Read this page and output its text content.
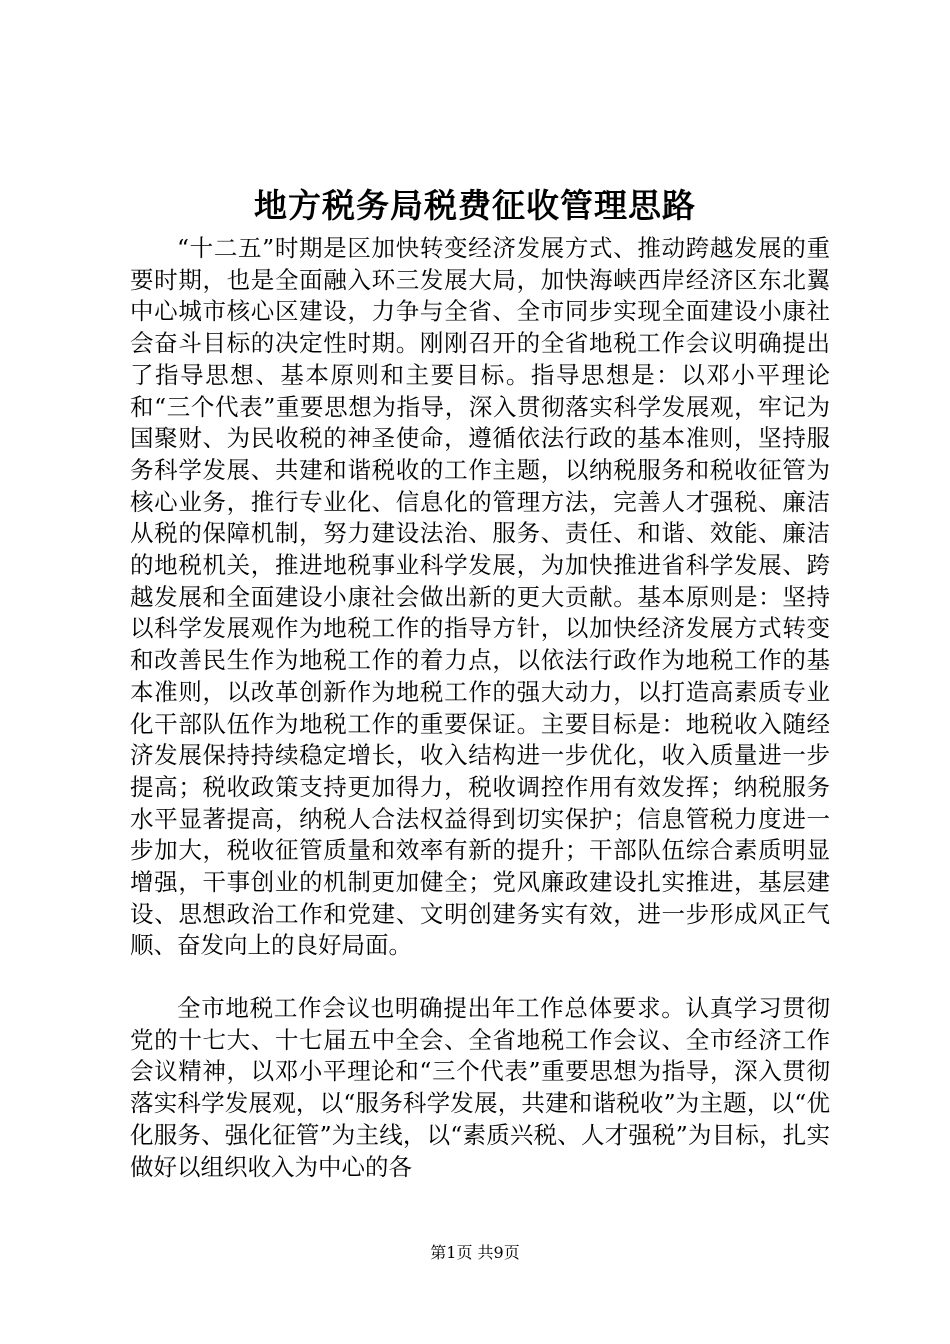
地方税务局税费征收管理思路

“十二五”时期是区加快转变经济发展方式、推动跨越发展的重要时期，也是全面融入环三发展大局，加快海峡西岸经济区东北翼中心城市核心区建设，力争与全省、全市同步实现全面建设小康社会奋斗目标的决定性时期。刚刚召开的全省地税工作会议明确提出了指导思想、基本原则和主要目标。指导思想是：以邓小平理论和“三个代表”重要思想为指导，深入贯彻落实科学发展观，牢记为国聚财、为民收税的神圣使命，遵循依法行政的基本准则，坚持服务科学发展、共建和谐税收的工作主题，以纳税服务和税收征管为核心业务，推行专业化、信息化的管理方法，完善人才强税、廉洁从税的保障机制，努力建设法治、服务、责任、和谐、效能、廉洁的地税机关，推进地税事业科学发展，为加快推进省科学发展、跨越发展和全面建设小康社会做出新的更大贡献。基本原则是：坚持以科学发展观作为地税工作的指导方针，以加快经济发展方式转变和改善民生作为地税工作的着力点，以依法行政作为地税工作的基本准则，以改革创新作为地税工作的强大动力，以打造高素质专业化干部队伍作为地税工作的重要保证。主要目标是：地税收入随经济发展保持持续稳定增长，收入结构进一步优化，收入质量进一步提高；税收政策支持更加得力，税收调控作用有效发挥；纳税服务水平显著提高，纳税人合法权益得到切实保护；信息管税力度进一步加大，税收征管质量和效率有新的提升；干部队伍综合素质明显增强，干事创业的机制更加健全；党风廉政建设扎实推进，基层建设、思想政治工作和党建、文明创建务实有效，进一步形成风正气顺、奋发向上的良好局面。

全市地税工作会议也明确提出年工作总体要求。认真学习贯彻党的十七大、十七届五中全会、全省地税工作会议、全市经济工作会议精神，以邓小平理论和“三个代表”重要思想为指导，深入贯彻落实科学发展观，以“服务科学发展，共建和谐税收”为主题，以“优化服务、强化征管”为主线，以“素质兴税、人才强税”为目标，扎实做好以组织收入为中心的各

第1页 共9页
